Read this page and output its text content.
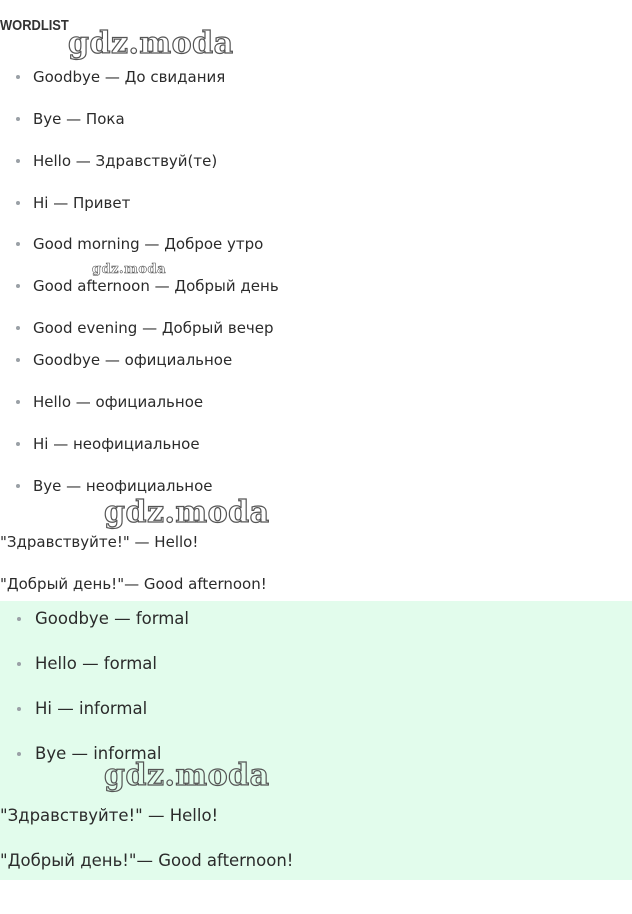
WORDLIST
gdz.moda
Goodbye — До свидания
Bye — Пока
Hello — Здравствуй(те)
Hi — Привет
Good morning — Доброе утро
Good afternoon — Добрый день
Good evening — Добрый вечер
Goodbye — официальное
Hello — официальное
Hi — неофициальное
Bye — неофициальное
gdz.moda
gdz.moda
"Здравствуйте!" — Hello!
"Добрый день!"— Good afternoon!
Goodbye — formal
Hello — formal
Hi — informal
Bye — informal
gdz.moda
"Здравствуйте!" — Hello!
"Добрый день!"— Good afternoon!
